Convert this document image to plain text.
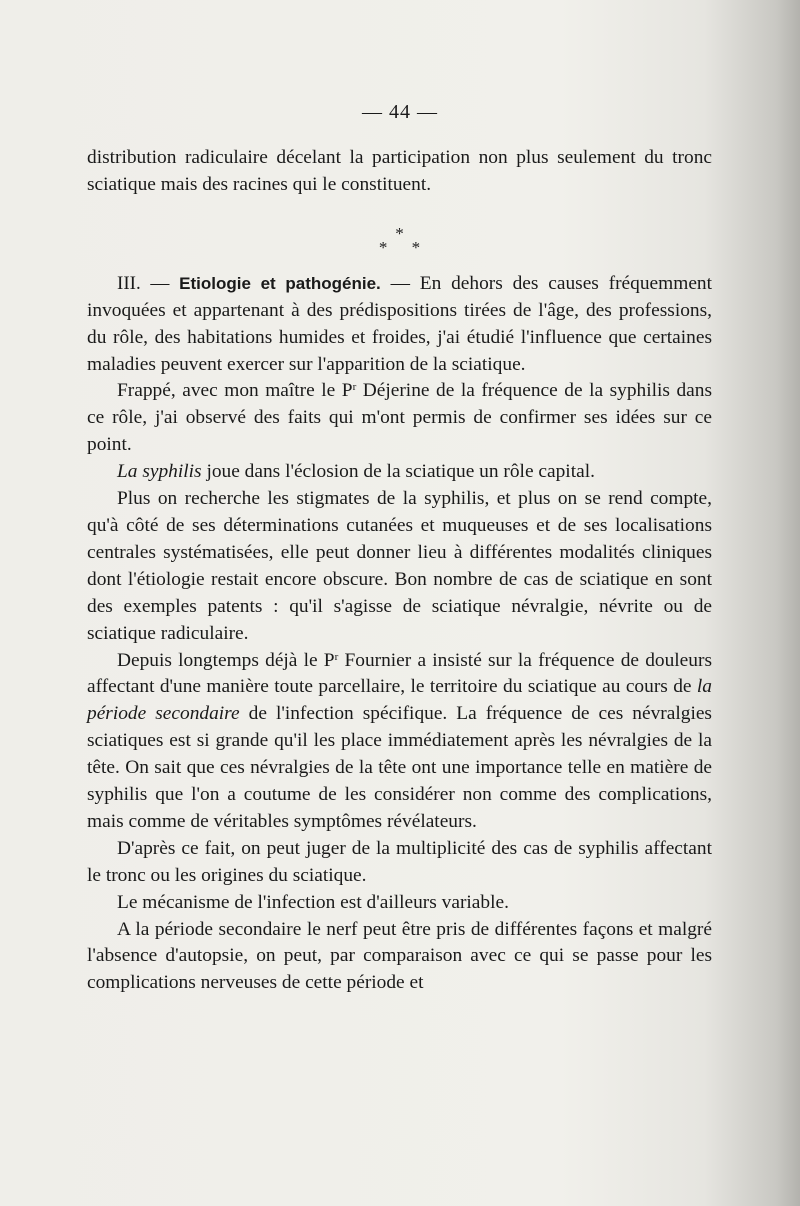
— 44 —

distribution radiculaire décelant la participation non plus seulement du tronc sciatique mais des racines qui le constituent.

*
* *

III. — Etiologie et pathogénie. — En dehors des causes fréquemment invoquées et appartenant à des prédispositions tirées de l'âge, des professions, du rôle, des habitations humides et froides, j'ai étudié l'influence que certaines maladies peuvent exercer sur l'apparition de la sciatique.

Frappé, avec mon maître le $P^r$ Déjerine de la fréquence de la syphilis dans ce rôle, j'ai observé des faits qui m'ont permis de confirmer ses idées sur ce point.

La syphilis joue dans l'éclosion de la sciatique un rôle capital.

Plus on recherche les stigmates de la syphilis, et plus on se rend compte, qu'à côté de ses déterminations cutanées et muqueuses et de ses localisations centrales systématisées, elle peut donner lieu à différentes modalités cliniques dont l'étiologie restait encore obscure. Bon nombre de cas de sciatique en sont des exemples patents : qu'il s'agisse de sciatique névralgie, névrite ou de sciatique radiculaire.

Depuis longtemps déjà le $P^r$ Fournier a insisté sur la fréquence de douleurs affectant d'une manière toute parcellaire, le territoire du sciatique au cours de la période secondaire de l'infection spécifique. La fréquence de ces névralgies sciatiques est si grande qu'il les place immédiatement après les névralgies de la tête. On sait que ces névralgies de la tête ont une importance telle en matière de syphilis que l'on a coutume de les considérer non comme des complications, mais comme de véritables symptômes révélateurs.

D'après ce fait, on peut juger de la multiplicité des cas de syphilis affectant le tronc ou les origines du sciatique.

Le mécanisme de l'infection est d'ailleurs variable.

A la période secondaire le nerf peut être pris de différentes façons et malgré l'absence d'autopsie, on peut, par comparaison avec ce qui se passe pour les complications nerveuses de cette période et
